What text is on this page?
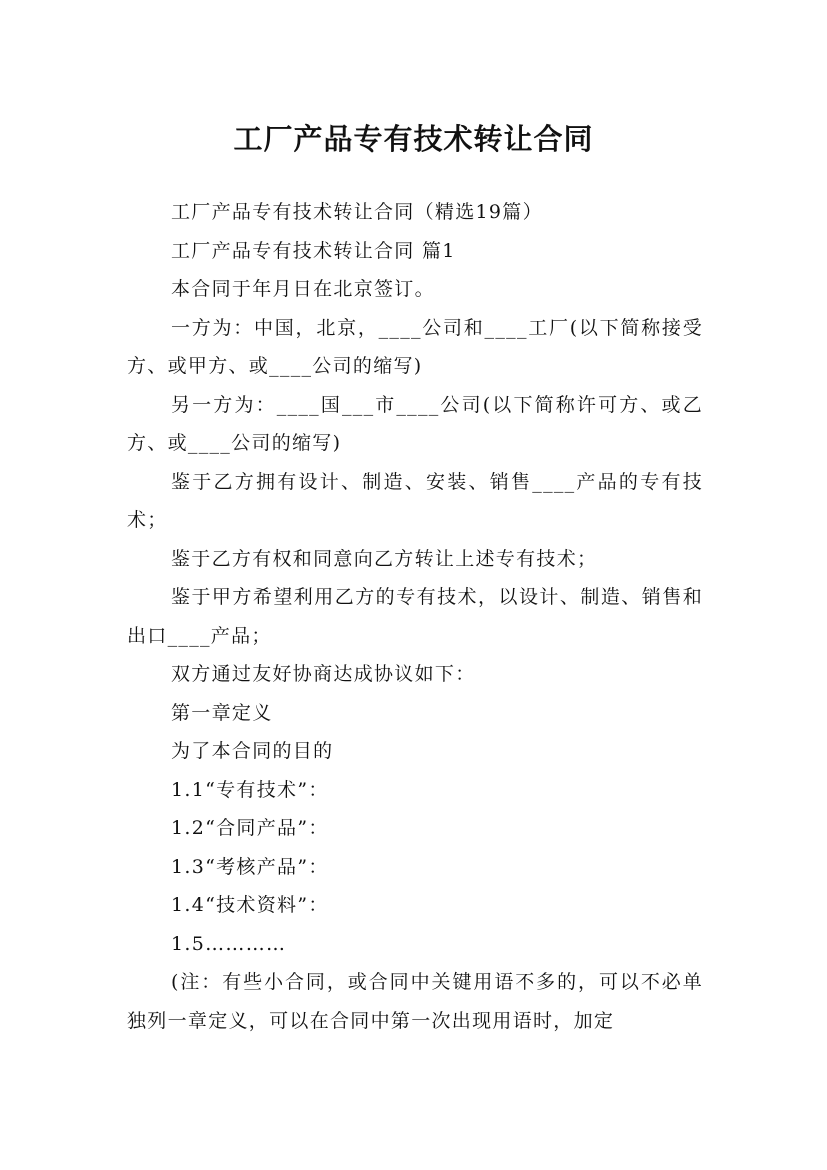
工厂产品专有技术转让合同

工厂产品专有技术转让合同（精选19篇）

工厂产品专有技术转让合同 篇1

本合同于年月日在北京签订。

一方为：中国，北京，____公司和____工厂(以下简称接受方、或甲方、或____公司的缩写)

另一方为：____国___市____公司(以下简称许可方、或乙方、或____公司的缩写)

鉴于乙方拥有设计、制造、安装、销售____产品的专有技术；

鉴于乙方有权和同意向乙方转让上述专有技术；

鉴于甲方希望利用乙方的专有技术，以设计、制造、销售和出口____产品；

双方通过友好协商达成协议如下：

第一章定义

为了本合同的目的

1.1“专有技术”：

1.2“合同产品”：

1.3“考核产品”：

1.4“技术资料”：

1.5…………

(注：有些小合同，或合同中关键用语不多的，可以不必单独列一章定义，可以在合同中第一次出现用语时，加定
